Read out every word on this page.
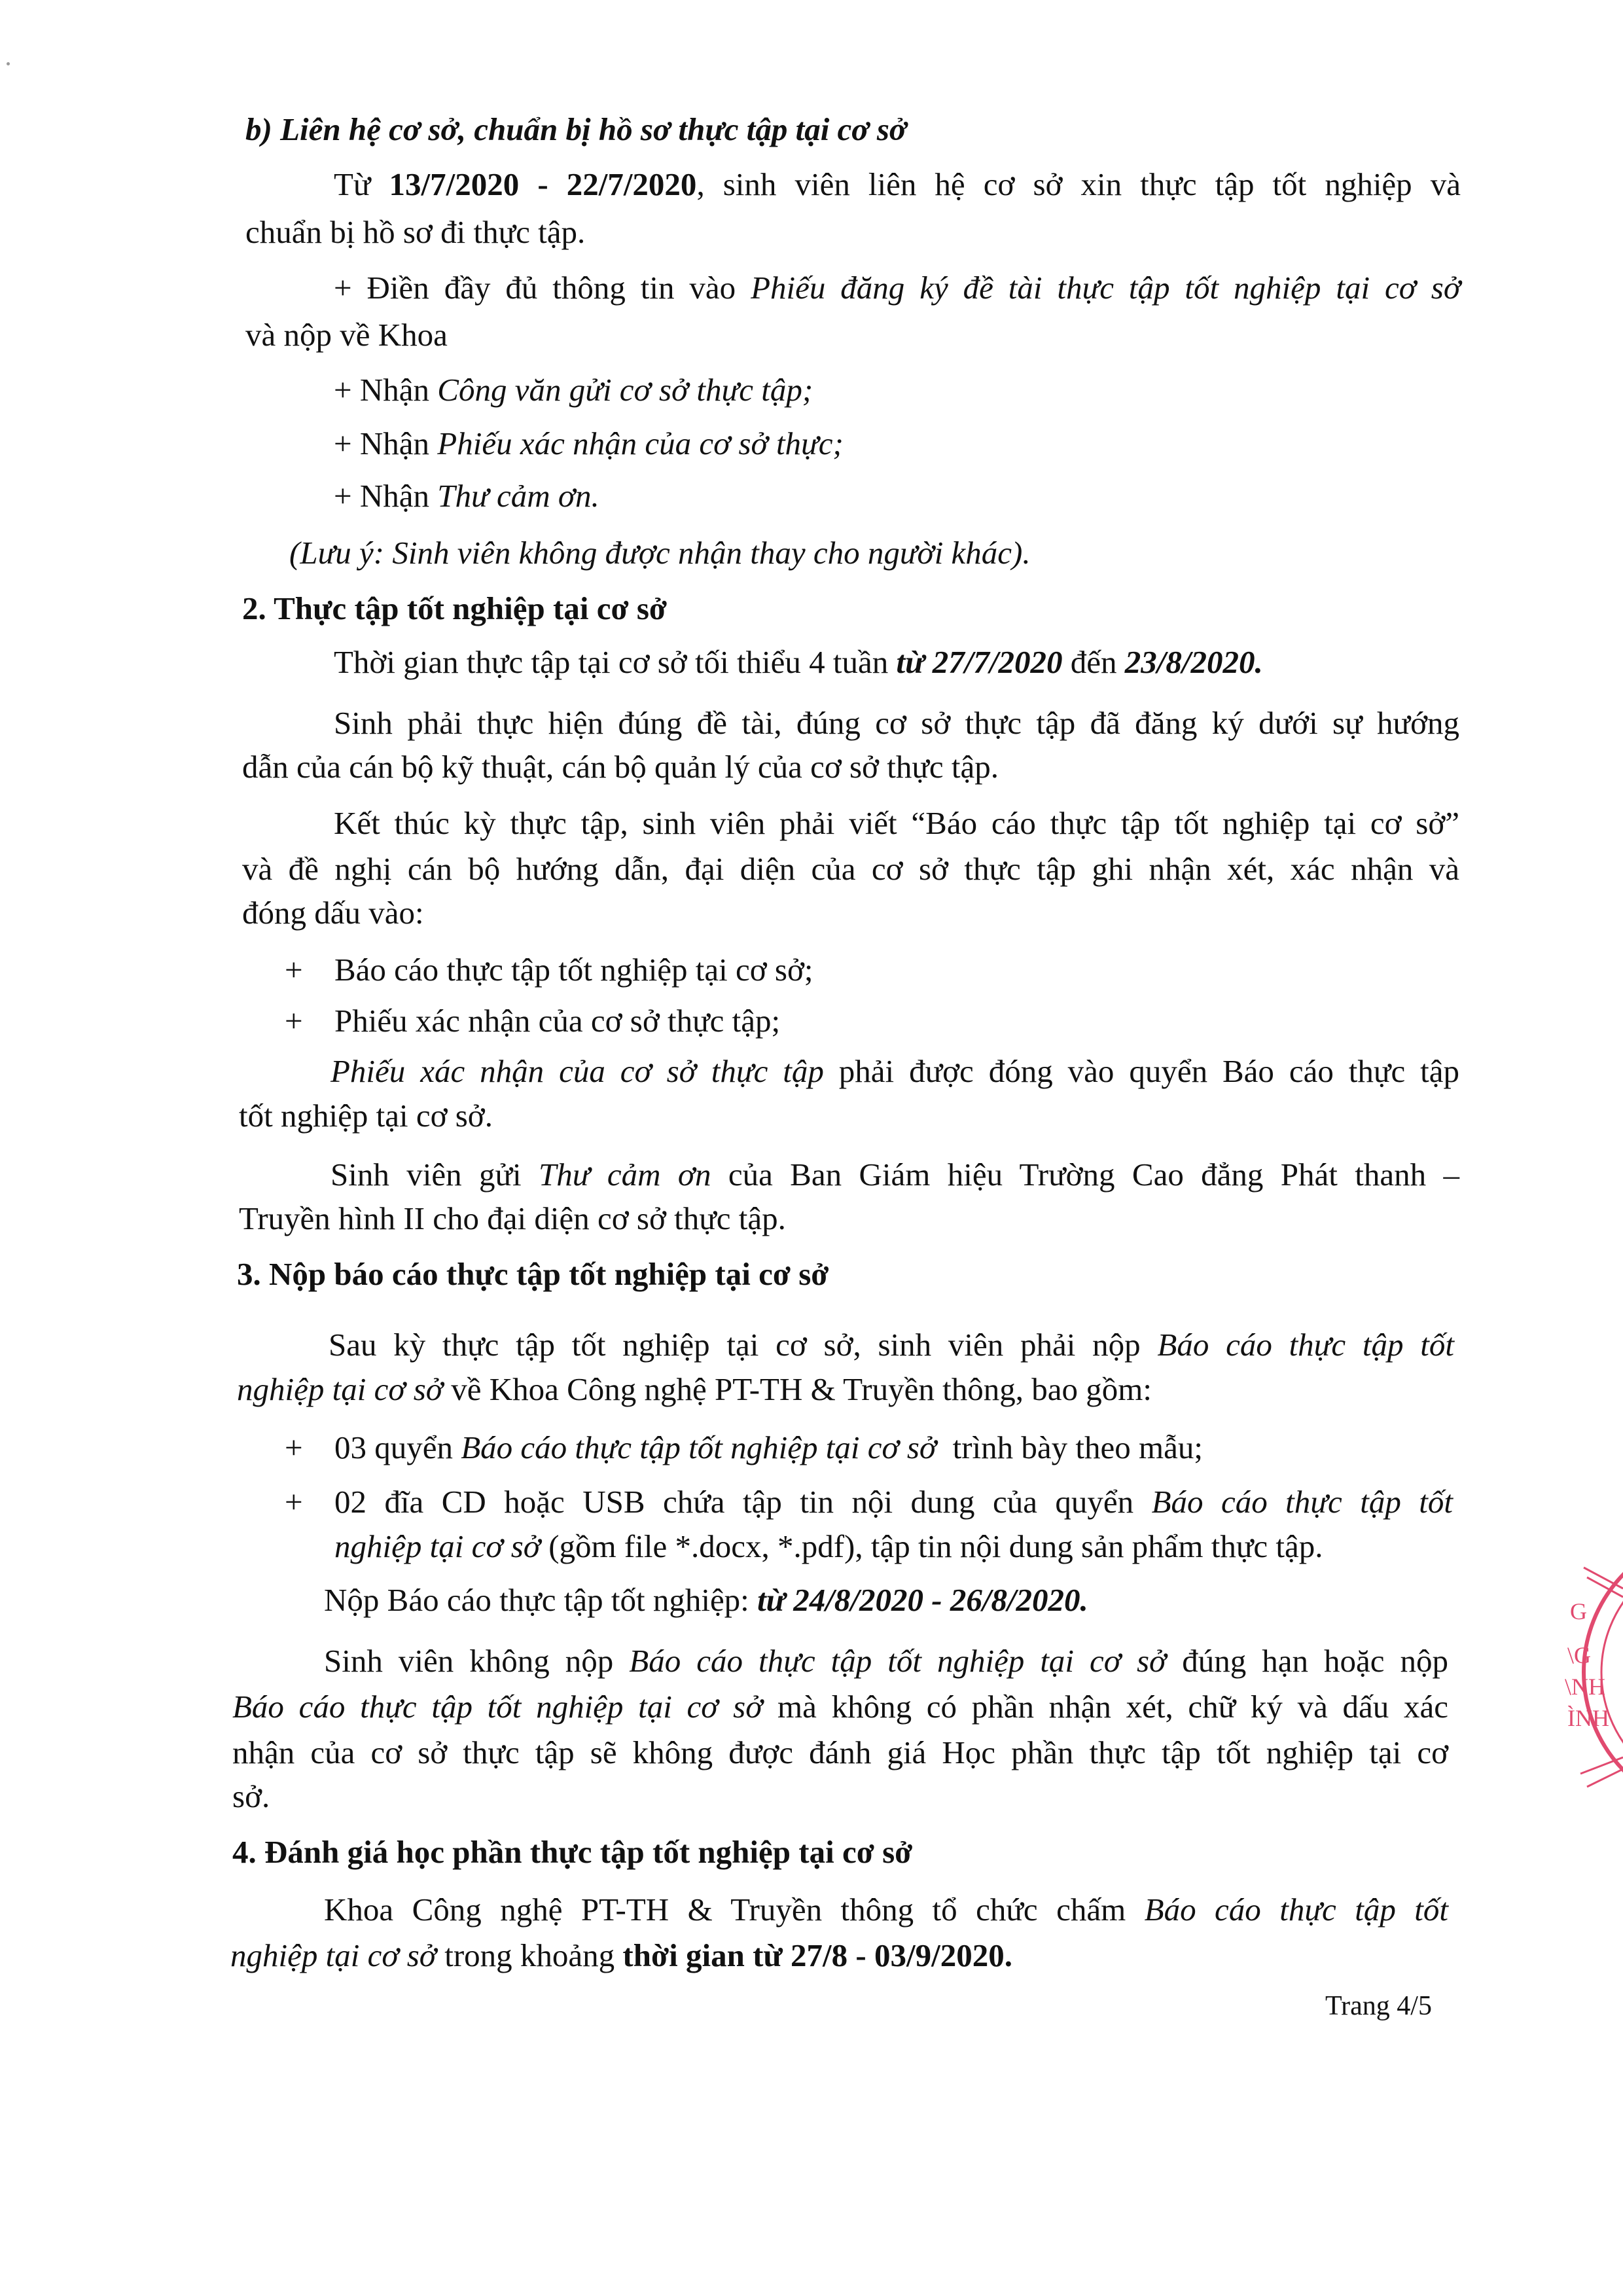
b) Liên hệ cơ sở, chuẩn bị hồ sơ thực tập tại cơ sở

Từ 13/7/2020 - 22/7/2020, sinh viên liên hệ cơ sở xin thực tập tốt nghiệp và

chuẩn bị hồ sơ đi thực tập.

+ Điền đầy đủ thông tin vào Phiếu đăng ký đề tài thực tập tốt nghiệp tại cơ sở

và nộp về Khoa

+ Nhận Công văn gửi cơ sở thực tập;

+ Nhận Phiếu xác nhận của cơ sở thực;

+ Nhận Thư cảm ơn.

(Lưu ý: Sinh viên không được nhận thay cho người khác).

2. Thực tập tốt nghiệp tại cơ sở

Thời gian thực tập tại cơ sở tối thiểu 4 tuần từ 27/7/2020 đến 23/8/2020.

Sinh phải thực hiện đúng đề tài, đúng cơ sở thực tập đã đăng ký dưới sự hướng

dẫn của cán bộ kỹ thuật, cán bộ quản lý của cơ sở thực tập.

Kết thúc kỳ thực tập, sinh viên phải viết “Báo cáo thực tập tốt nghiệp tại cơ sở”

và đề nghị cán bộ hướng dẫn, đại diện của cơ sở thực tập ghi nhận xét, xác nhận và

đóng dấu vào:

+ Báo cáo thực tập tốt nghiệp tại cơ sở;

+ Phiếu xác nhận của cơ sở thực tập;

Phiếu xác nhận của cơ sở thực tập phải được đóng vào quyển Báo cáo thực tập

tốt nghiệp tại cơ sở.

Sinh viên gửi Thư cảm ơn của Ban Giám hiệu Trường Cao đẳng Phát thanh –

Truyền hình II cho đại diện cơ sở thực tập.

3. Nộp báo cáo thực tập tốt nghiệp tại cơ sở

Sau kỳ thực tập tốt nghiệp tại cơ sở, sinh viên phải nộp Báo cáo thực tập tốt

nghiệp tại cơ sở về Khoa Công nghệ PT-TH & Truyền thông, bao gồm:

+ 03 quyển Báo cáo thực tập tốt nghiệp tại cơ sở  trình bày theo mẫu;

+ 02 đĩa CD hoặc USB chứa tập tin nội dung của quyển Báo cáo thực tập tốt

nghiệp tại cơ sở (gồm file *.docx, *.pdf), tập tin nội dung sản phẩm thực tập.

Nộp Báo cáo thực tập tốt nghiệp: từ 24/8/2020 - 26/8/2020.

Sinh viên không nộp Báo cáo thực tập tốt nghiệp tại cơ sở đúng hạn hoặc nộp

Báo cáo thực tập tốt nghiệp tại cơ sở mà không có phần nhận xét, chữ ký và dấu xác

nhận của cơ sở thực tập sẽ không được đánh giá Học phần thực tập tốt nghiệp tại cơ

sở.

4. Đánh giá học phần thực tập tốt nghiệp tại cơ sở

Khoa Công nghệ PT-TH & Truyền thông tổ chức chấm Báo cáo thực tập tốt

nghiệp tại cơ sở trong khoảng thời gian từ 27/8 - 03/9/2020.

Trang 4/5

G
\G
\NH
ÌNH
